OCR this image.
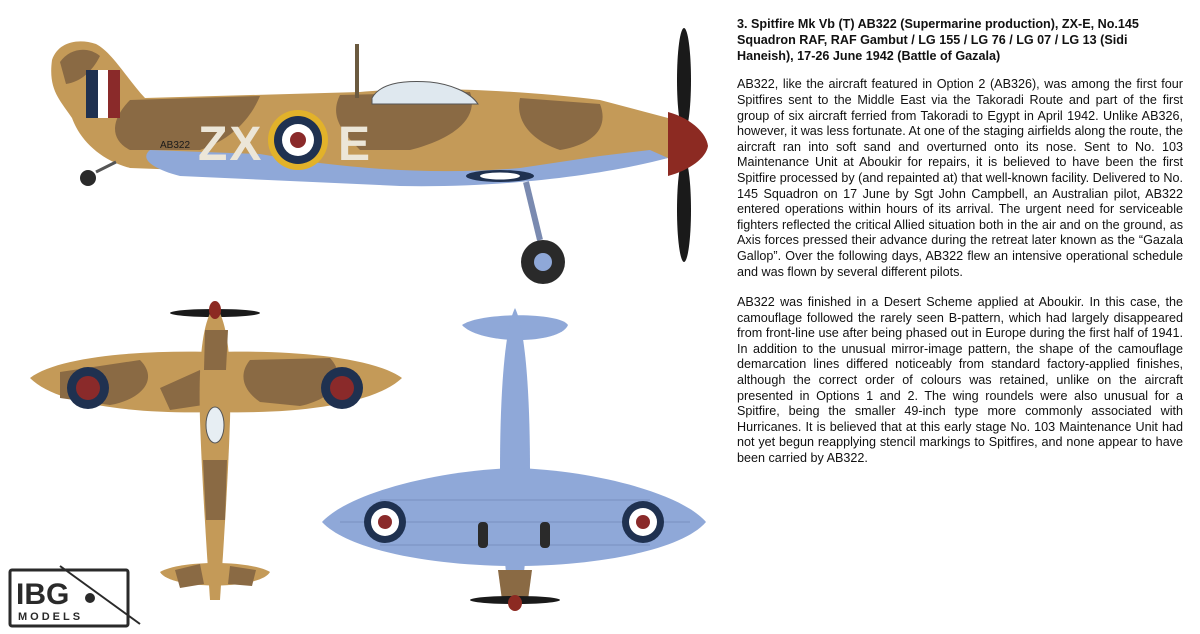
ZX E
AB322
IBG
MODELS

3. Spitfire Mk Vb (T) AB322 (Supermarine production), ZX-E, No.145 Squadron RAF, RAF Gambut / LG 155 / LG 76 / LG 07 / LG 13 (Sidi Haneish), 17-26 June 1942 (Battle of Gazala)

AB322, like the aircraft featured in Option 2 (AB326), was among the first four Spitfires sent to the Middle East via the Takoradi Route and part of the first group of six aircraft ferried from Takoradi to Egypt in April 1942. Unlike AB326, however, it was less fortunate. At one of the staging airfields along the route, the aircraft ran into soft sand and overturned onto its nose. Sent to No. 103 Maintenance Unit at Aboukir for repairs, it is believed to have been the first Spitfire processed by (and repainted at) that well-known facility. Delivered to No. 145 Squadron on 17 June by Sgt John Campbell, an Australian pilot, AB322 entered operations within hours of its arrival. The urgent need for serviceable fighters reflected the critical Allied situation both in the air and on the ground, as Axis forces pressed their advance during the retreat later known as the “Gazala Gallop”. Over the following days, AB322 flew an intensive operational schedule and was flown by several different pilots.

AB322 was finished in a Desert Scheme applied at Aboukir. In this case, the camouflage followed the rarely seen B-pattern, which had largely disappeared from front-line use after being phased out in Europe during the first half of 1941. In addition to the unusual mirror-image pattern, the shape of the camouflage demarcation lines differed noticeably from standard factory-applied finishes, although the correct order of colours was retained, unlike on the aircraft presented in Options 1 and 2. The wing roundels were also unusual for a Spitfire, being the smaller 49-inch type more commonly associated with Hurricanes. It is believed that at this early stage No. 103 Maintenance Unit had not yet begun reapplying stencil markings to Spitfires, and none appear to have been carried by AB322.
